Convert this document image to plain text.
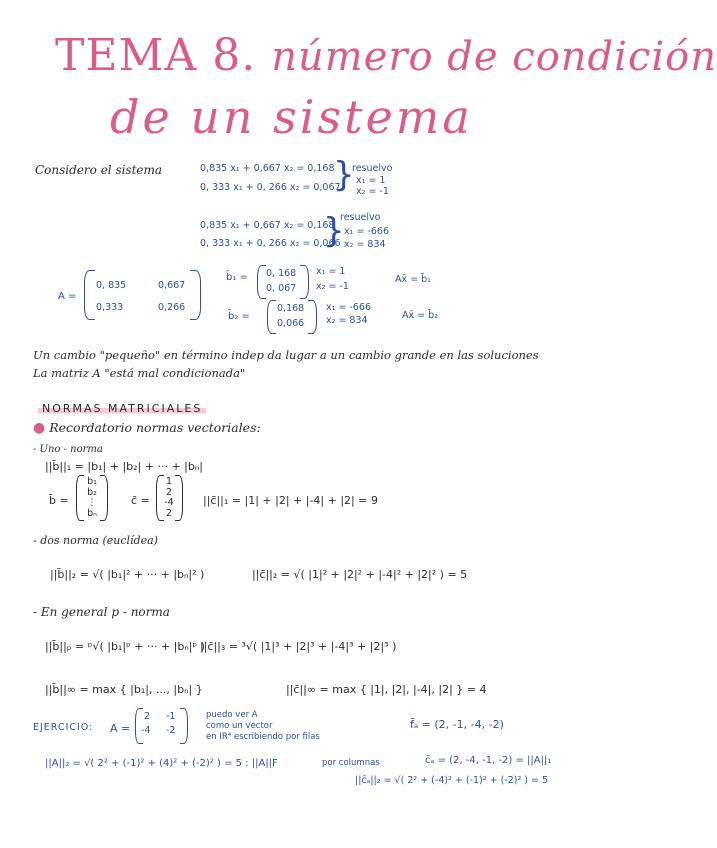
TEMA 8. número de condición
de un sistema
Considero el sistema	0,835 x₁ + 0,667 x₂ = 0,168
0, 333 x₁ + 0, 266 x₂ = 0,067
}
resuelvo
x₁ = 1
x₂ = -1
0,835 x₁ + 0,667 x₂ = 0,168
0, 333 x₁ + 0, 266 x₂ = 0,066
}
resuelvo
x₁ = -666
x₂ = 834
A =
0, 835	0,667
0,333	0,266
b̄₁ = 0, 168
0, 067
x₁ = 1
x₂ = -1
Ax̄ = b̄₁
b̄₂ =
0,168
0,066
x₁ = -666
x₂ = 834	Ax̄ = b̄₂
Un cambio "pequeño" en término indep da lugar a un cambio grande en las soluciones
La matriz A "está mal condicionada"
NORMAS MATRICIALES
● Recordatorio normas vectoriales:
- Uno - norma
||b̄||₁ = |b₁| + |b₂| + ··· + |bₙ|
b̄ =
b₁
b₂
⋮
bₙ
c̄ =
1
2
-4
2
||c̄||₁ = |1| + |2| + |-4| + |2| = 9
- dos norma (euclídea)
||b̄||₂ = √( |b₁|² + ··· + |bₙ|² )	||c̄||₂ = √( |1|² + |2|² + |-4|² + |2|² ) = 5
- En general p - norma
||b̄||ₚ = ᵖ√( |b₁|ᵖ + ··· + |bₙ|ᵖ )
||c̄||₃ = ³√( |1|³ + |2|³ + |-4|³ + |2|³ )
||b̄||∞ = max { |b₁|, ..., |bₙ| }	||c̄||∞ = max { |1|, |2|, |-4|, |2| } = 4
EJERCICIO: A =
2 -1
-4 -2
puedo ver A
como un vector
en IR⁴ escribiendo por filas
f̄ₐ = (2, -1, -4, -2)
||A||₂ = √( 2² + (-1)² + (4)² + (-2)² ) = 5 : ||A||F	por columnas	c̄ₐ = (2, -4, -1, -2) = ||A||₁
||c̄ₐ||₂ = √( 2² + (-4)² + (-1)² + (-2)² ) = 5
